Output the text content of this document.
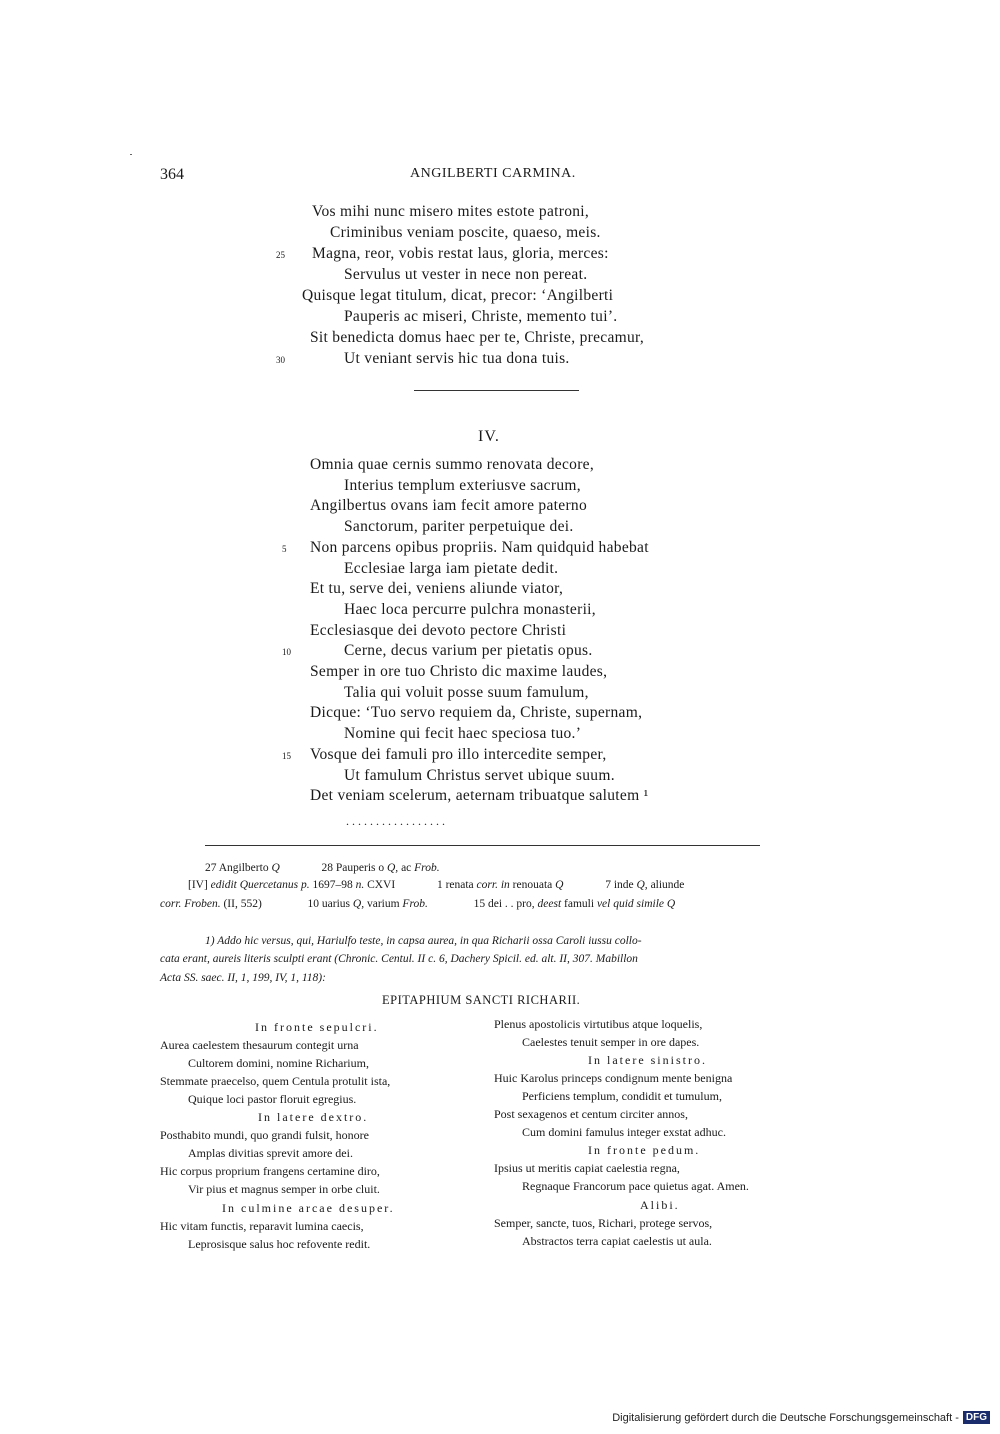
364	ANGILBERTI CARMINA.
Vos mihi nunc misero mites estote patroni,
Criminibus veniam poscite, quaeso, meis.
Magna, reor, vobis restat laus, gloria, merces:
25
Servulus ut vester in nece non pereat.
Quisque legat titulum, dicat, precor: ‘Angilberti
Pauperis ac miseri, Christe, memento tui’.
Sit benedicta domus haec per te, Christe, precamur,
Ut veniant servis hic tua dona tuis.
30
IV.
Omnia quae cernis summo renovata decore,
Interius templum exteriusve sacrum,
Angilbertus ovans iam fecit amore paterno
Sanctorum, pariter perpetuique dei.
Non parcens opibus propriis. Nam quidquid habebat
5
Ecclesiae larga iam pietate dedit.
Et tu, serve dei, veniens aliunde viator,
Haec loca percurre pulchra monasterii,
Ecclesiasque dei devoto pectore Christi
Cerne, decus varium per pietatis opus.
10
Semper in ore tuo Christo dic maxime laudes,
Talia qui voluit posse suum famulum,
Dicque: ‘Tuo servo requiem da, Christe, supernam,
Nomine qui fecit haec speciosa tuo.’
Vosque dei famuli pro illo intercedite semper,
15
Ut famulum Christus servet ubique suum.
Det veniam scelerum, aeternam tribuatque salutem ¹
. . . . . . . . . . . . . . . . .
27 Angilberto Q	28 Pauperis o Q, ac Frob.
[IV] edidit Quercetanus p. 1697–98 n. CXVI	1 renata corr. in renouata Q	7 inde Q, aliunde
corr. Froben. (II, 552)	10 uarius Q, varium Frob.	15 dei . . pro, deest famuli vel quid simile Q
1) Addo hic versus, qui, Hariulfo teste, in capsa aurea, in qua Richarii ossa Caroli iussu collo-
cata erant, aureis literis sculpti erant (Chronic. Centul. II c. 6, Dachery Spicil. ed. alt. II, 307. Mabillon
Acta SS. saec. II, 1, 199, IV, 1, 118):
EPITAPHIUM SANCTI RICHARII.
In fronte sepulcri.
Aurea caelestem thesaurum contegit urna
Cultorem domini, nomine Richarium,
Stemmate praecelso, quem Centula protulit ista,
Quique loci pastor floruit egregius.
In latere dextro.
Posthabito mundi, quo grandi fulsit, honore
Amplas divitias sprevit amore dei.
Hic corpus proprium frangens certamine diro,
Vir pius et magnus semper in orbe cluit.
In culmine arcae desuper.
Hic vitam functis, reparavit lumina caecis,
Leprosisque salus hoc refovente redit.
Plenus apostolicis virtutibus atque loquelis,
Caelestes tenuit semper in ore dapes.
In latere sinistro.
Huic Karolus princeps condignum mente benigna
Perficiens templum, condidit et tumulum,
Post sexagenos et centum circiter annos,
Cum domini famulus integer exstat adhuc.
In fronte pedum.
Ipsius ut meritis capiat caelestia regna,
Regnaque Francorum pace quietus agat. Amen.
Alibi.
Semper, sancte, tuos, Richari, protege servos,
Abstractos terra capiat caelestis ut aula.
Digitalisierung gefördert durch die Deutsche Forschungsgemeinschaft - DFG
